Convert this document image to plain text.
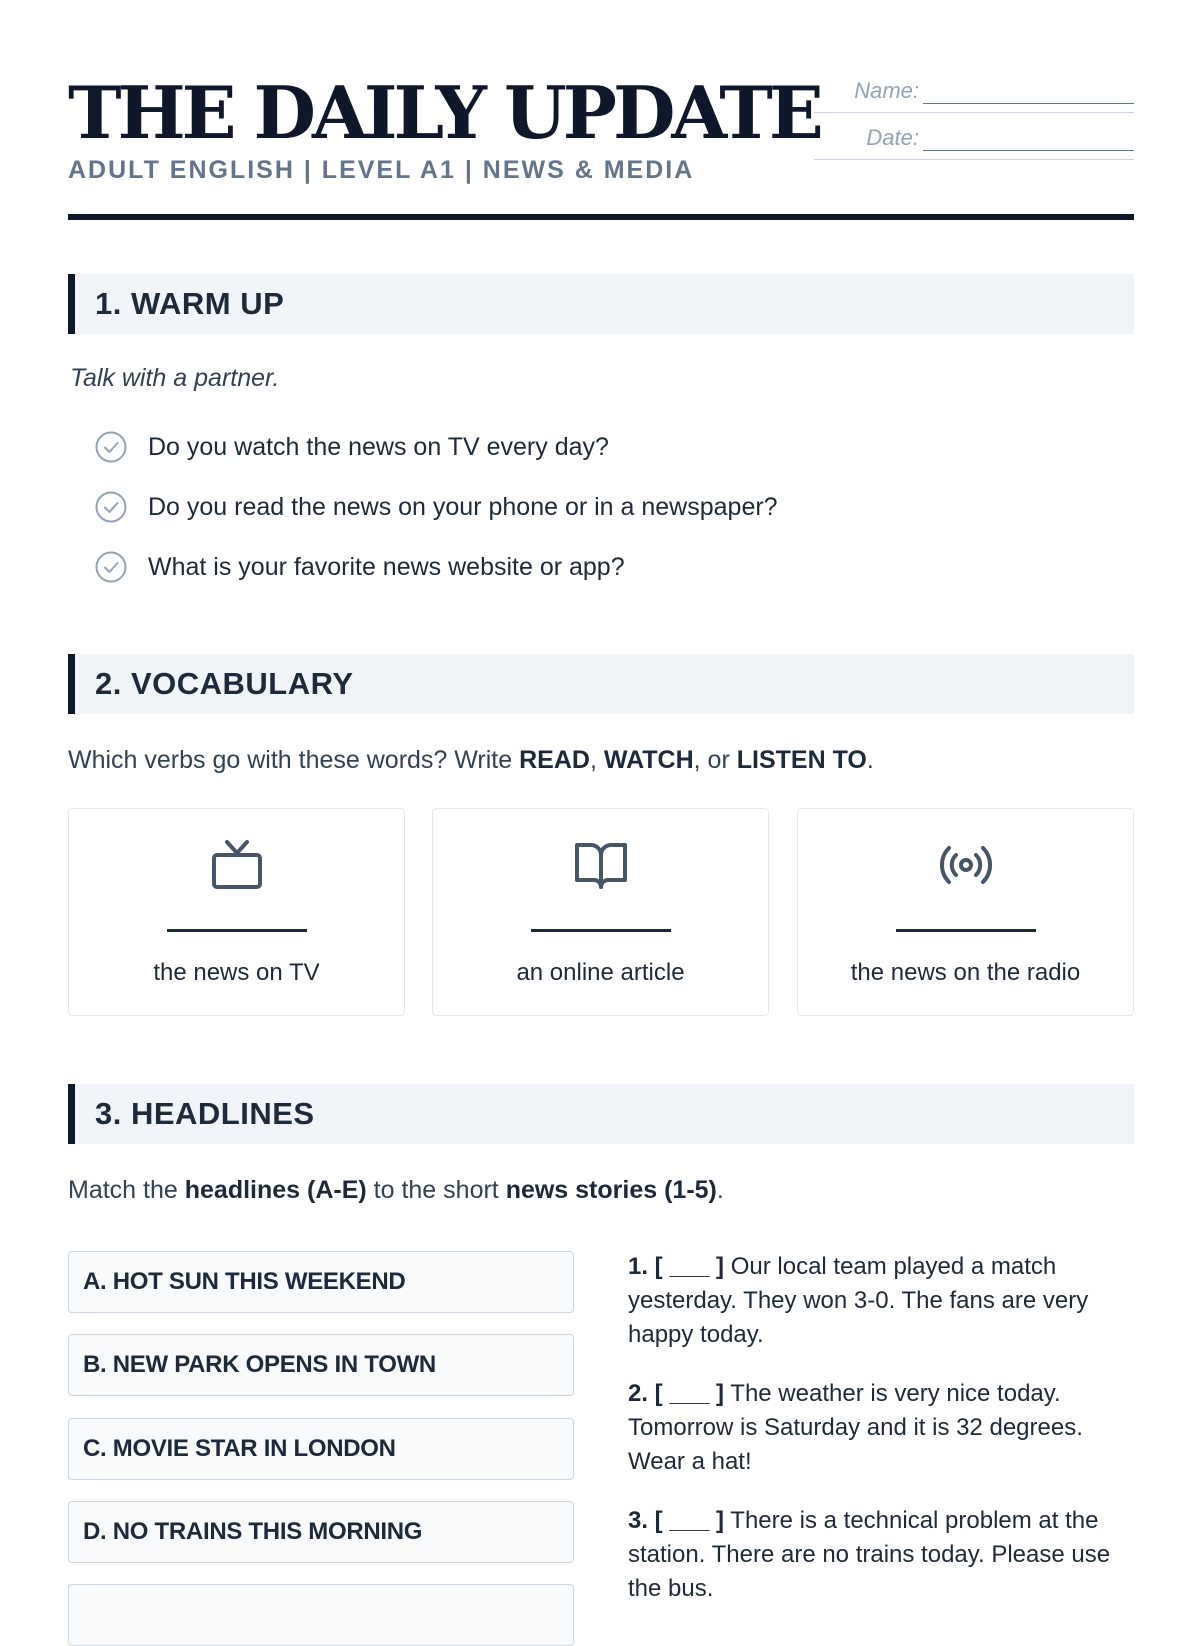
THE DAILY UPDATE
ADULT ENGLISH | LEVEL A1 | NEWS & MEDIA
Name:
Date:
1. WARM UP
Talk with a partner.
Do you watch the news on TV every day?
Do you read the news on your phone or in a newspaper?
What is your favorite news website or app?
2. VOCABULARY
Which verbs go with these words? Write READ, WATCH, or LISTEN TO.
the news on TV	an online article	the news on the radio
3. HEADLINES
Match the headlines (A-E) to the short news stories (1-5).
A. HOT SUN THIS WEEKEND
B. NEW PARK OPENS IN TOWN
C. MOVIE STAR IN LONDON
D. NO TRAINS THIS MORNING
1. [ ___ ] Our local team played a match yesterday. They won 3-0. The fans are very happy today.
2. [ ___ ] The weather is very nice today. Tomorrow is Saturday and it is 32 degrees. Wear a hat!
3. [ ___ ] There is a technical problem at the station. There are no trains today. Please use the bus.
